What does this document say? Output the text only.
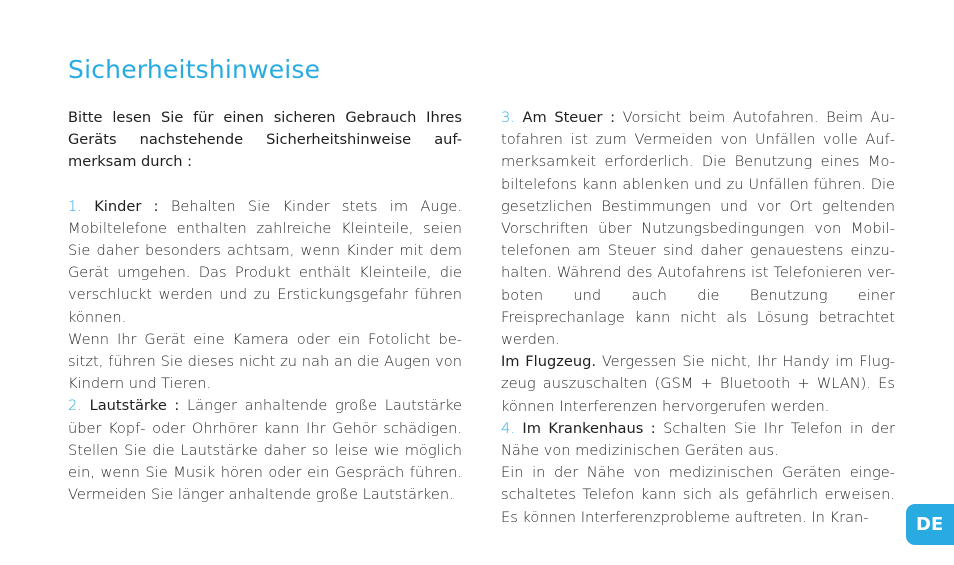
Sicherheitshinweise

Bitte lesen Sie für einen sicheren Gebrauch Ihres Geräts nachstehende Sicherheitshinweise auf-merksam durch :

1. Kinder : Behalten Sie Kinder stets im Auge. Mobiltelefone enthalten zahlreiche Kleinteile, seien Sie daher besonders achtsam, wenn Kinder mit dem Gerät umgehen. Das Produkt enthält Kleinteile, die verschluckt werden und zu Erstickungsgefahr führen können.

Wenn Ihr Gerät eine Kamera oder ein Fotolicht be-sitzt, führen Sie dieses nicht zu nah an die Augen von Kindern und Tieren.

2. Lautstärke : Länger anhaltende große Lautstärke über Kopf- oder Ohrhörer kann Ihr Gehör schädigen. Stellen Sie die Lautstärke daher so leise wie möglich ein, wenn Sie Musik hören oder ein Gespräch führen. Vermeiden Sie länger anhaltende große Lautstärken.

3. Am Steuer : Vorsicht beim Autofahren. Beim Au-tofahren ist zum Vermeiden von Unfällen volle Auf-merksamkeit erforderlich. Die Benutzung eines Mo-biltelefons kann ablenken und zu Unfällen führen. Die gesetzlichen Bestimmungen und vor Ort geltenden Vorschriften über Nutzungsbedingungen von Mobil-telefonen am Steuer sind daher genauestens einzu-halten. Während des Autofahrens ist Telefonieren ver-boten und auch die Benutzung einer Freisprechanlage kann nicht als Lösung betrachtet werden.

Im Flugzeug. Vergessen Sie nicht, Ihr Handy im Flug-zeug auszuschalten (GSM + Bluetooth + WLAN). Es können Interferenzen hervorgerufen werden.

4. Im Krankenhaus : Schalten Sie Ihr Telefon in der Nähe von medizinischen Geräten aus.

Ein in der Nähe von medizinischen Geräten einge-schaltetes Telefon kann sich als gefährlich erweisen. Es können Interferenzprobleme auftreten. In Kran-	DE
